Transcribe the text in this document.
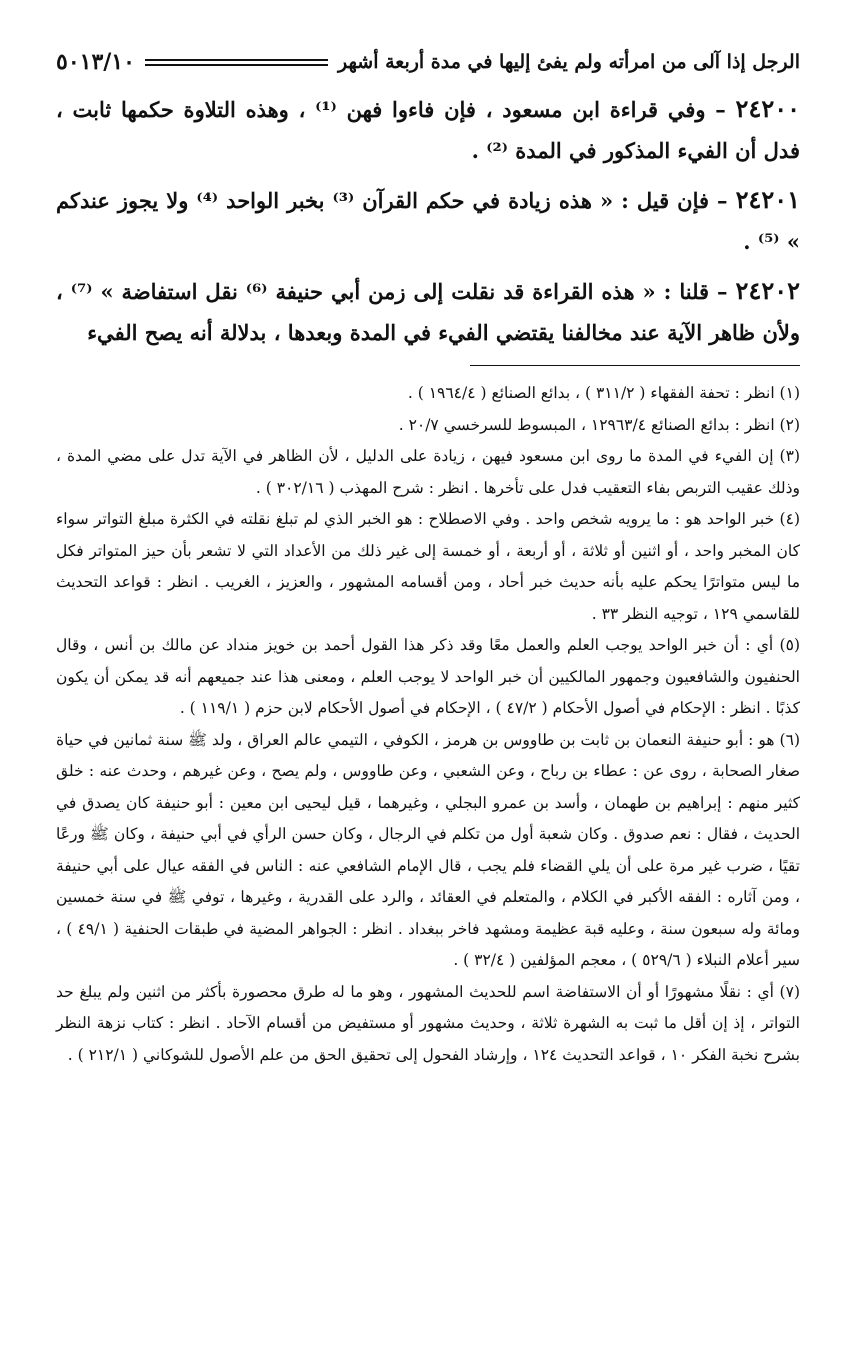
الرجل إذا آلى من امرأته ولم يفئ إليها في مدة أربعة أشهر
٥٠١٣/١٠

٢٤٢٠٠ – وفي قراءة ابن مسعود ، فإن فاءوا فهن ⁽¹⁾ ، وهذه التلاوة حكمها ثابت ، فدل أن الفيء المذكور في المدة ⁽²⁾ .

٢٤٢٠١ – فإن قيل : « هذه زيادة في حكم القرآن ⁽³⁾ بخبر الواحد ⁽⁴⁾ ولا يجوز عندكم » ⁽⁵⁾ .

٢٤٢٠٢ – قلنا : « هذه القراءة قد نقلت إلى زمن أبي حنيفة ⁽⁶⁾ نقل استفاضة » ⁽⁷⁾ ، ولأن ظاهر الآية عند مخالفنا يقتضي الفيء في المدة وبعدها ، بدلالة أنه يصح الفيء

(١) انظر : تحفة الفقهاء ( ٣١١/٢ ) ، بدائع الصنائع ( ١٩٦٤/٤ ) .

(٢) انظر : بدائع الصنائع ١٢٩٦٣/٤ ، المبسوط للسرخسي ٢٠/٧ .

(٣) إن الفيء في المدة ما روى ابن مسعود فيهن ، زيادة على الدليل ، لأن الظاهر في الآية تدل على مضي المدة ، وذلك عقيب التربص بفاء التعقيب فدل على تأخرها . انظر : شرح المهذب ( ٣٠٢/١٦ ) .

(٤) خبر الواحد هو : ما يرويه شخص واحد . وفي الاصطلاح : هو الخبر الذي لم تبلغ نقلته في الكثرة مبلغ التواتر سواء كان المخبر واحد ، أو اثنين أو ثلاثة ، أو أربعة ، أو خمسة إلى غير ذلك من الأعداد التي لا تشعر بأن حيز المتواتر فكل ما ليس متواترًا يحكم عليه بأنه حديث خبر أحاد ، ومن أقسامه المشهور ، والعزيز ، الغريب . انظر : قواعد التحديث للقاسمي ١٢٩ ، توجيه النظر ٣٣ .

(٥) أي : أن خبر الواحد يوجب العلم والعمل معًا وقد ذكر هذا القول أحمد بن خويز منداد عن مالك بن أنس ، وقال الحنفيون والشافعيون وجمهور المالكيين أن خبر الواحد لا يوجب العلم ، ومعنى هذا عند جميعهم أنه قد يمكن أن يكون كذبًا . انظر : الإحكام في أصول الأحكام ( ٤٧/٢ ) ، الإحكام في أصول الأحكام لابن حزم ( ١١٩/١ ) .

(٦) هو : أبو حنيفة النعمان بن ثابت بن طاووس بن هرمز ، الكوفي ، التيمي عالم العراق ، ولد ﷺ سنة ثمانين في حياة صغار الصحابة ، روى عن : عطاء بن رباح ، وعن الشعبي ، وعن طاووس ، ولم يصح ، وعن غيرهم ، وحدث عنه : خلق كثير منهم : إبراهيم بن طهمان ، وأسد بن عمرو البجلي ، وغيرهما ، قيل ليحيى ابن معين : أبو حنيفة كان يصدق في الحديث ، فقال : نعم صدوق . وكان شعبة أول من تكلم في الرجال ، وكان حسن الرأي في أبي حنيفة ، وكان ﷺ ورعًا تقيًا ، ضرب غير مرة على أن يلي القضاء فلم يجب ، قال الإمام الشافعي عنه : الناس في الفقه عيال على أبي حنيفة ، ومن آثاره : الفقه الأكبر في الكلام ، والمتعلم في العقائد ، والرد على القدرية ، وغيرها ، توفي ﷺ في سنة خمسين ومائة وله سبعون سنة ، وعليه قبة عظيمة ومشهد فاخر ببغداد . انظر : الجواهر المضية في طبقات الحنفية ( ٤٩/١ ) ، سير أعلام النبلاء ( ٥٢٩/٦ ) ، معجم المؤلفين ( ٣٢/٤ ) .

(٧) أي : نقلًا مشهورًا أو أن الاستفاضة اسم للحديث المشهور ، وهو ما له طرق محصورة بأكثر من اثنين ولم يبلغ حد التواتر ، إذ إن أقل ما ثبت به الشهرة ثلاثة ، وحديث مشهور أو مستفيض من أقسام الآحاد . انظر : كتاب نزهة النظر بشرح نخبة الفكر ١٠ ، قواعد التحديث ١٢٤ ، وإرشاد الفحول إلى تحقيق الحق من علم الأصول للشوكاني ( ٢١٢/١ ) .
